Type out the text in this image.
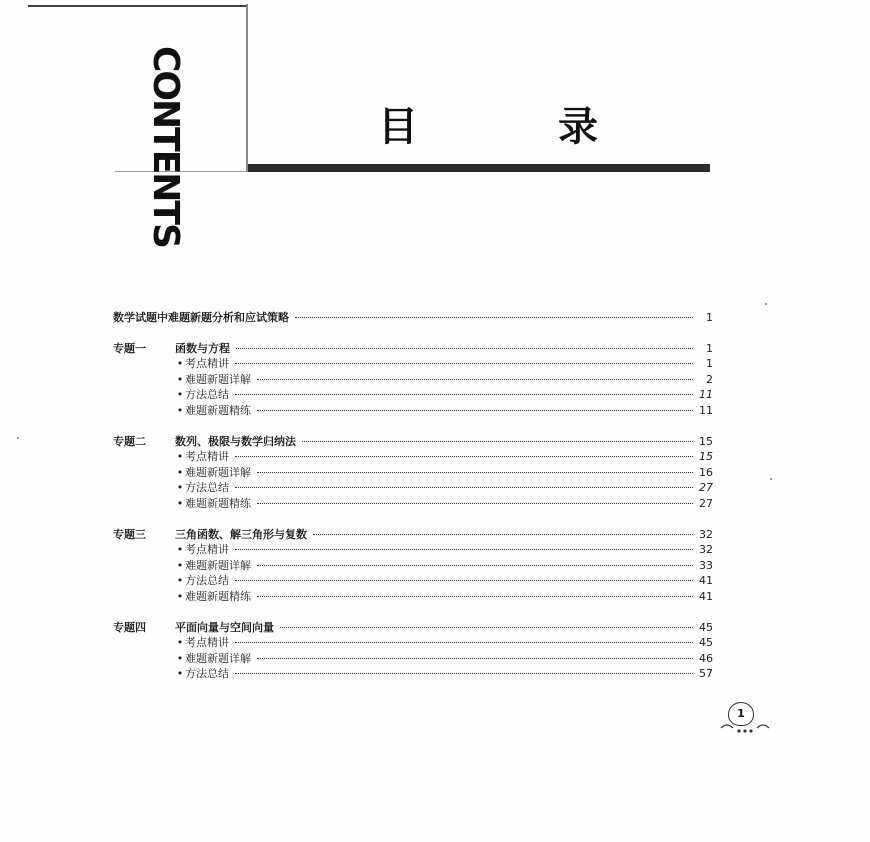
CONTENTS	目	录
数学试题中难题新题分析和应试策略	1
专题一	函数与方程	1
• 考点精讲	1
• 难题新题详解	2
• 方法总结	11
• 难题新题精练	11
专题二	数列、极限与数学归纳法	15
• 考点精讲	15
• 难题新题详解	16
• 方法总结	27
• 难题新题精练	27
专题三	三角函数、解三角形与复数	32
• 考点精讲	32
• 难题新题详解	33
• 方法总结	41
• 难题新题精练	41
专题四	平面向量与空间向量	45
• 考点精讲	45
• 难题新题详解	46
• 方法总结	57
1
